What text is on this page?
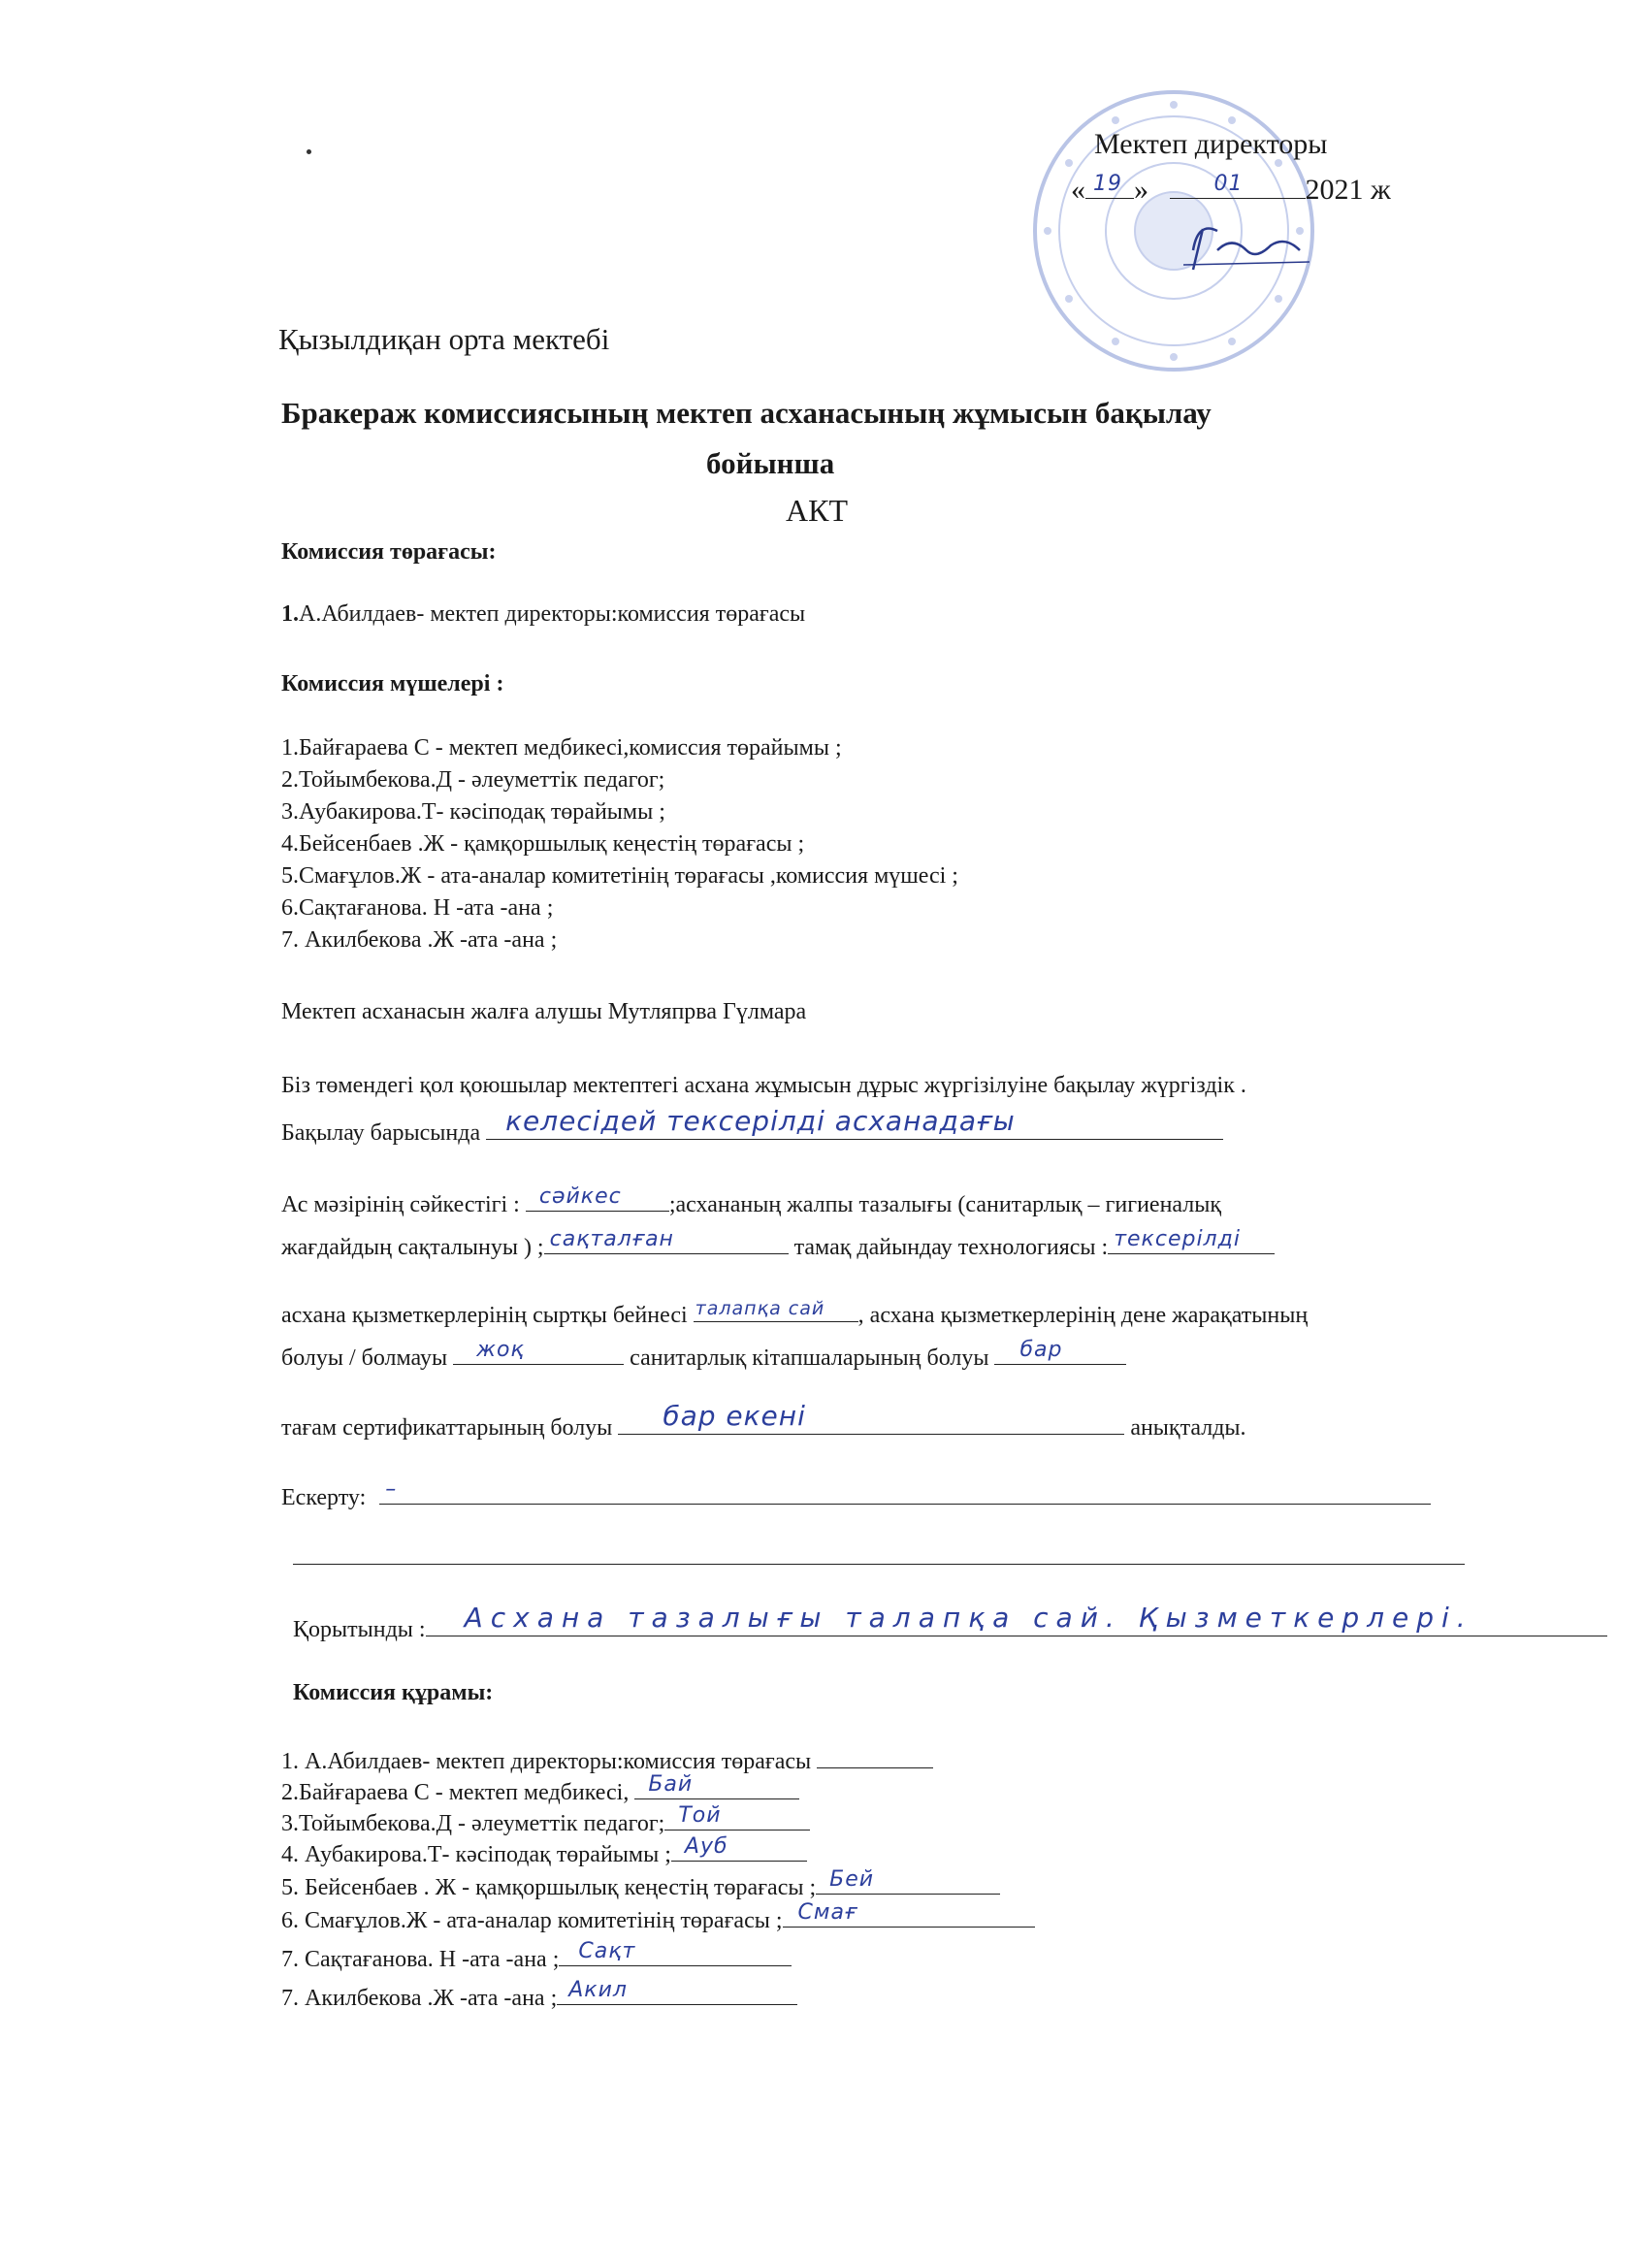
Мектеп директоры
« 19 »	01 2021 ж
Қызылдиқан орта мектебі
Бракераж комиссиясының мектеп асханасының жұмысын бақылау
бойынша
АКТ
Комиссия төрағасы:
1.А.Абилдаев- мектеп директоры:комиссия төрағасы
Комиссия мүшелері :
1.Байғараева С - мектеп медбикесі,комиссия төрайымы ;
2.Тойымбекова.Д - әлеуметтік педагог;
3.Аубакирова.Т- кәсіподақ төрайымы ;
4.Бейсенбаев .Ж - қамқоршылық кеңестің төрағасы ;
5.Смағұлов.Ж - ата-аналар комитетінің төрағасы ,комиссия мүшесі ;
6.Сақтағанова. Н -ата -ана ;
7. Акилбекова .Ж -ата -ана ;
Мектеп асханасын жалға алушы Мутляпрва Гүлмара
Біз төмендегі қол қоюшылар мектептегі асхана жұмысын дұрыс жүргізілуіне бақылау жүргіздік .
Бақылау барысында келесідей тексерілді асханадағы
Ас мәзірінің сәйкестігі : сәйкес ;асхананың жалпы тазалығы (санитарлық – гигиеналық
жағдайдың сақталынуы ) ; сақталған	тамақ дайындау технологиясы : тексерілді
асхана қызметкерлерінің сыртқы бейнесі талапқа сай , асхана қызметкерлерінің дене жарақатының
болуы / болмауы жоқ	санитарлық кітапшаларының болуы бар
тағам сертификаттарының болуы бар екені	анықталды.
Ескерту: –
Қорытынды : Асхана тазалығы талапқа сай. Қызметкерлері.
Комиссия құрамы:
1. А.Абилдаев- мектеп директоры:комиссия төрағасы
2.Байғараева С - мектеп медбикесі, Бай
3.Тойымбекова.Д - әлеуметтік педагог; Той
4. Аубакирова.Т- кәсіподақ төрайымы ; Ауб
5. Бейсенбаев . Ж - қамқоршылық кеңестің төрағасы ; Бей
6. Смағұлов.Ж - ата-аналар комитетінің төрағасы ; Смағ
7. Сақтағанова. Н -ата -ана ; Сақт
7. Акилбекова .Ж -ата -ана ; Акил
